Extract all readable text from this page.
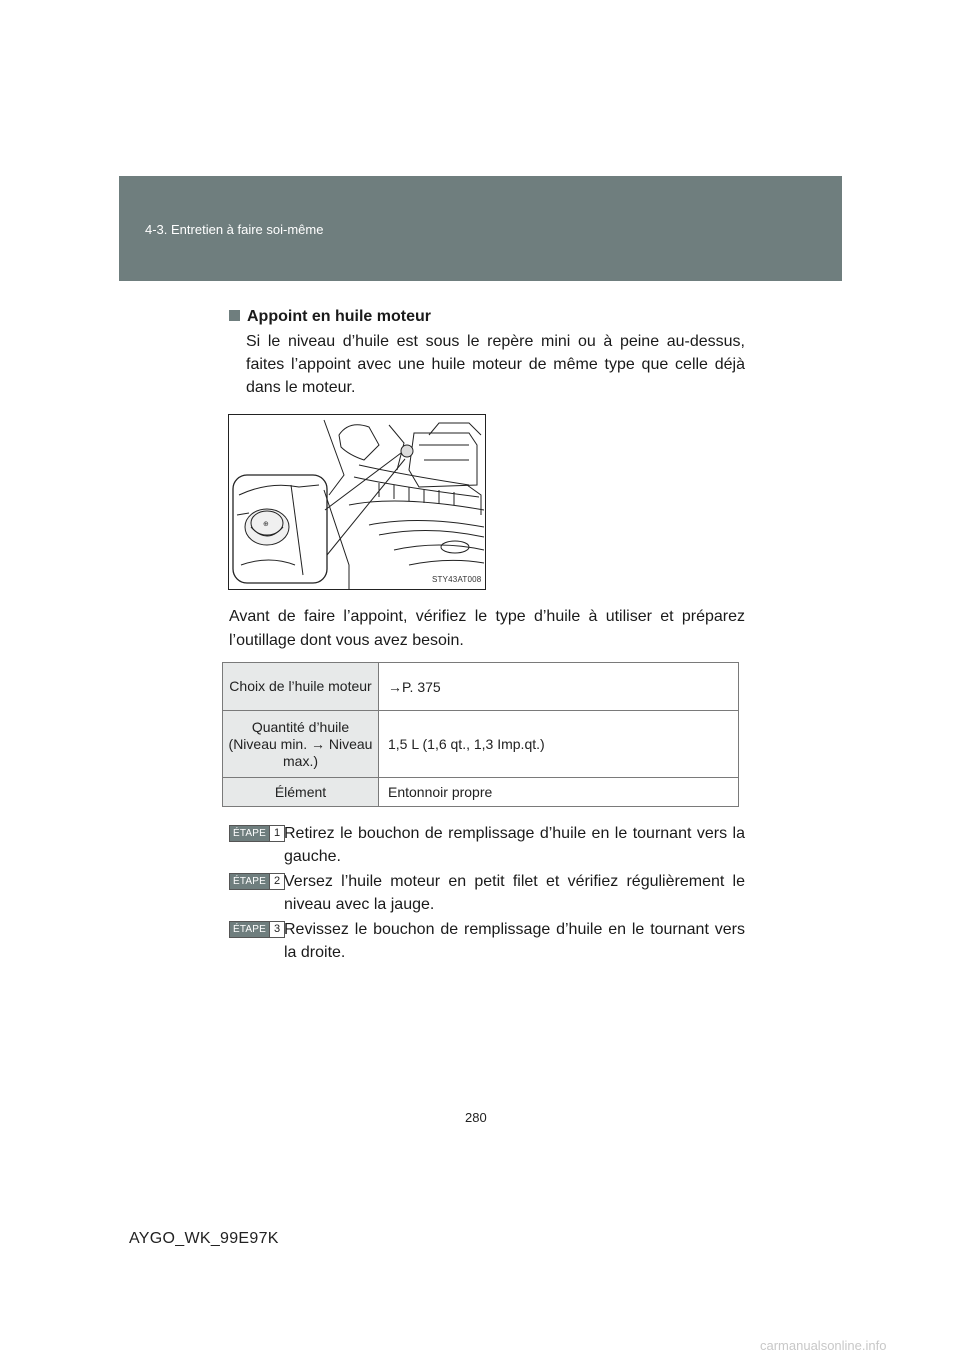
4-3. Entretien à faire soi-même
Appoint en huile moteur
Si le niveau d’huile est sous le repère mini ou à peine au-dessus, faites l’appoint avec une huile moteur de même type que celle déjà dans le moteur.
⊕
STY43AT008
Avant de faire l’appoint, vérifiez le type d’huile à utiliser et préparez l’outillage dont vous avez besoin.
Choix de l’huile moteur	→P. 375
Quantité d’huile (Niveau min. → Niveau max.)	1,5 L (1,6 qt., 1,3 Imp.qt.)
Élément	Entonnoir propre
ÉTAPE 1 Retirez le bouchon de remplissage d’huile en le tournant vers la gauche.
ÉTAPE 2 Versez l’huile moteur en petit filet et vérifiez régulièrement le niveau avec la jauge.
ÉTAPE 3 Revissez le bouchon de remplissage d’huile en le tournant vers la droite.
280
AYGO_WK_99E97K
carmanualsonline.info
